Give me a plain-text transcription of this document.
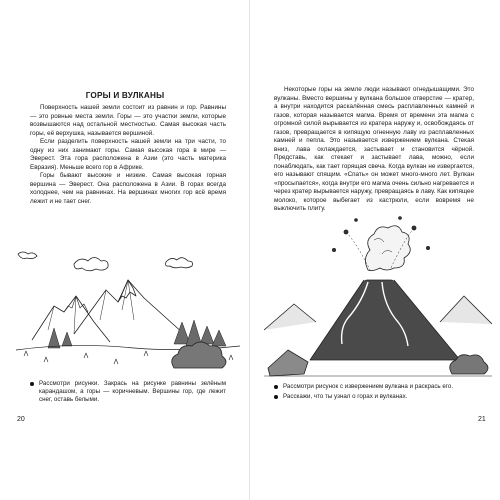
ГОРЫ И ВУЛКАНЫ

Поверхность нашей земли состоит из равнин и гор. Равнины — это ровные места земли. Горы — это участки земли, которые возвышаются над остальной местностью. Самая высокая часть горы, её верхушка, называется вершиной.

Если разделить поверхность нашей земли на три части, то одну из них занимают горы. Самая высокая гора в мире — Эверест. Эта гора расположена в Азии (это часть материка Евразия). Меньше всего гор в Африке.

Горы бывают высокие и низкие. Самая высокая горная вершина — Эверест. Она расположена в Азии. В горах всегда холоднее, чем на равнинах. На вершинах многих гор всё время лежит и не тает снег.

Рассмотри рисунки. Закрась на рисунке равнины зелёным карандашом, а горы — коричневым. Вершины гор, где лежит снег, оставь белыми.
20

Некоторые горы на земле люди называют огнедышащими. Это вулканы. Вместо вершины у вулкана большое отверстие — кратер, а внутри находится раскалённая смесь расплавленных камней и газов, которая называется магма. Время от времени эта магма с огромной силой вырывается из кратера наружу и, освобождаясь от газов, превращается в кипящую огненную лаву из расплавленных камней и пепла. Это называется извержением вулкана. Стекая вниз, лава охлаждается, застывает и становится чёрной. Представь, как стекает и застывает лава, можно, если понаблюдать, как тает горящая свеча. Когда вулкан не извергается, его называют спящим. «Спать» он может много-много лет. Вулкан «просыпается», когда внутри его магма очень сильно нагревается и через кратер вырывается наружу, превращаясь в лаву. Как кипящее молоко, которое выбегает из кастрюли, если вовремя не выключить плиту.

Рассмотри рисунок с извержением вулкана и раскрась его.
Расскажи, что ты узнал о горах и вулканах.
21
